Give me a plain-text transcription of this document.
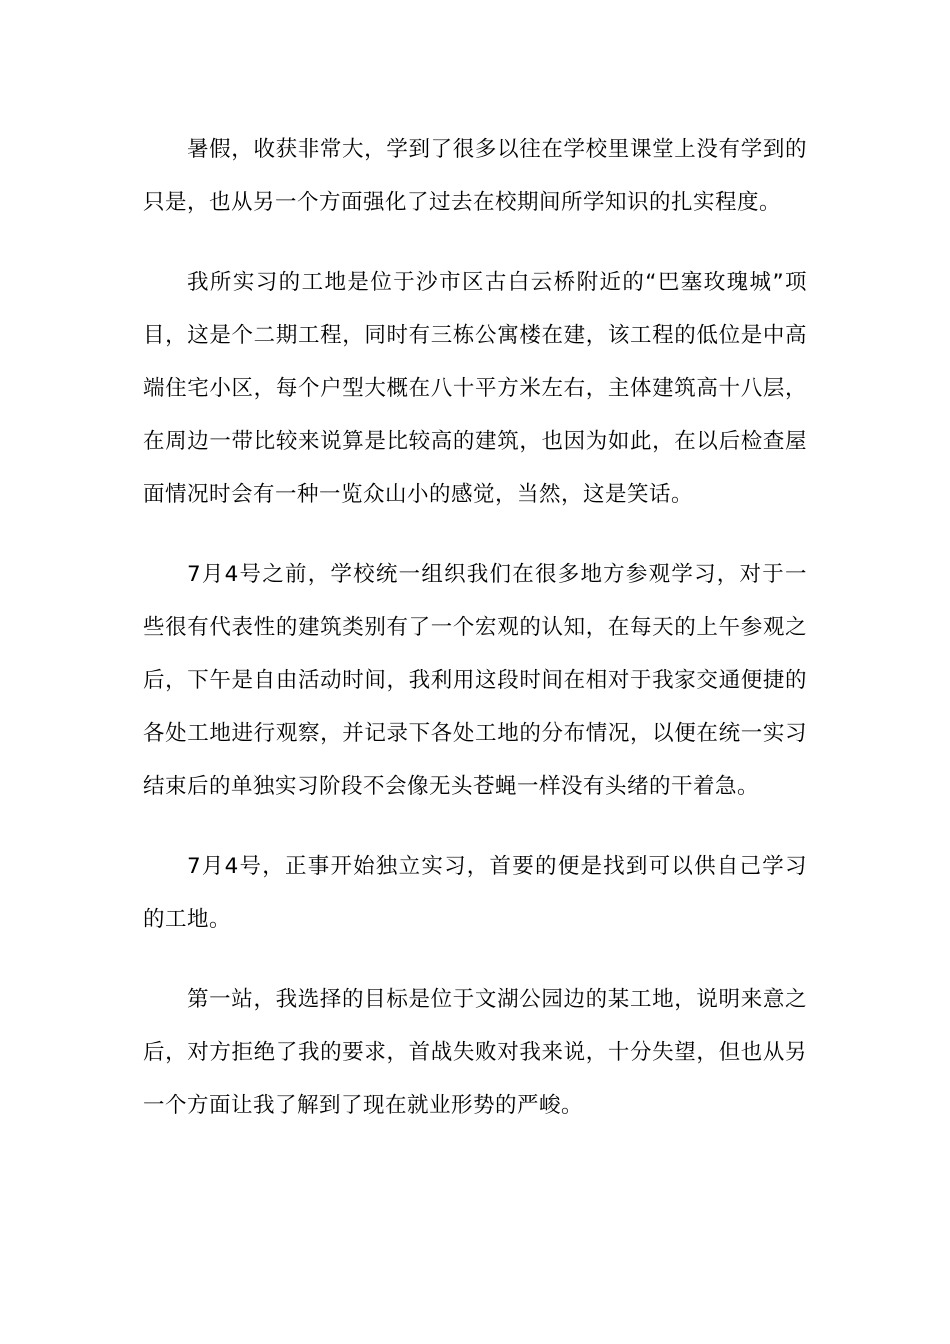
暑假，收获非常大，学到了很多以往在学校里课堂上没有学到的只是，也从另一个方面强化了过去在校期间所学知识的扎实程度。

我所实习的工地是位于沙市区古白云桥附近的“巴塞玫瑰城”项目，这是个二期工程，同时有三栋公寓楼在建，该工程的低位是中高端住宅小区，每个户型大概在八十平方米左右，主体建筑高十八层，在周边一带比较来说算是比较高的建筑，也因为如此，在以后检查屋面情况时会有一种一览众山小的感觉，当然，这是笑话。

7月4号之前，学校统一组织我们在很多地方参观学习，对于一些很有代表性的建筑类别有了一个宏观的认知，在每天的上午参观之后，下午是自由活动时间，我利用这段时间在相对于我家交通便捷的各处工地进行观察，并记录下各处工地的分布情况，以便在统一实习结束后的单独实习阶段不会像无头苍蝇一样没有头绪的干着急。

7月4号，正事开始独立实习，首要的便是找到可以供自己学习的工地。

第一站，我选择的目标是位于文湖公园边的某工地，说明来意之后，对方拒绝了我的要求，首战失败对我来说，十分失望，但也从另一个方面让我了解到了现在就业形势的严峻。
